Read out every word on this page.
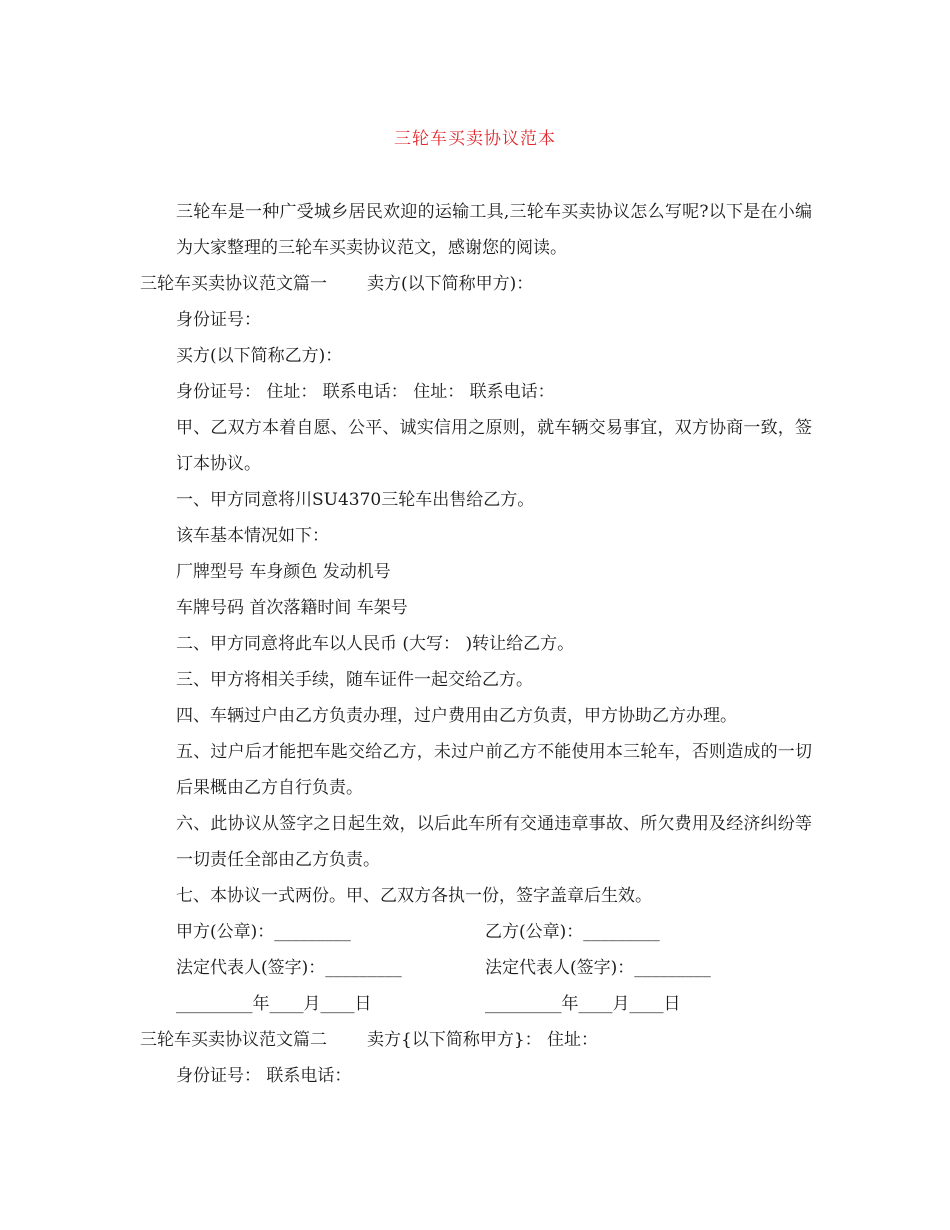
三轮车买卖协议范本

三轮车是一种广受城乡居民欢迎的运输工具,三轮车买卖协议怎么写呢?以下是在小编为大家整理的三轮车买卖协议范文，感谢您的阅读。

三轮车买卖协议范文篇一 卖方(以下简称甲方)：

身份证号：

买方(以下简称乙方)：

身份证号： 住址： 联系电话： 住址： 联系电话：

甲、乙双方本着自愿、公平、诚实信用之原则，就车辆交易事宜，双方协商一致，签订本协议。

一、甲方同意将川SU4370三轮车出售给乙方。

该车基本情况如下：

厂牌型号 车身颜色 发动机号

车牌号码 首次落籍时间 车架号

二、甲方同意将此车以人民币 (大写： )转让给乙方。

三、甲方将相关手续，随车证件一起交给乙方。

四、车辆过户由乙方负责办理，过户费用由乙方负责，甲方协助乙方办理。

五、过户后才能把车匙交给乙方，未过户前乙方不能使用本三轮车，否则造成的一切后果概由乙方自行负责。

六、此协议从签字之日起生效，以后此车所有交通违章事故、所欠费用及经济纠纷等一切责任全部由乙方负责。

七、本协议一式两份。甲、乙双方各执一份，签字盖章后生效。

甲方(公章)：_________	乙方(公章)：_________
法定代表人(签字)：_________	法定代表人(签字)：_________
_________年____月____日	_________年____月____日

三轮车买卖协议范文篇二 卖方{以下简称甲方}： 住址：

身份证号： 联系电话：
